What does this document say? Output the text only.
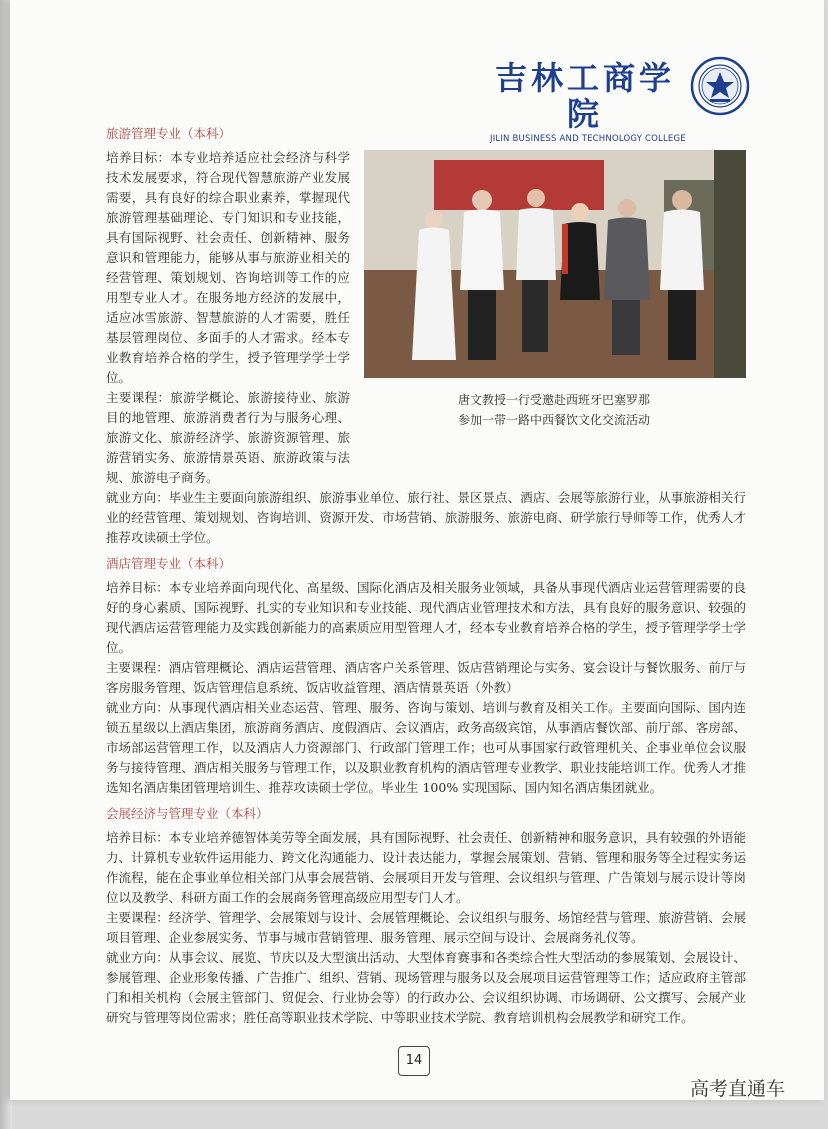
吉林工商学院
JILIN BUSINESS AND TECHNOLOGY COLLEGE
旅游管理专业（本科）
唐文教授一行受邀赴西班牙巴塞罗那
参加一带一路中西餐饮文化交流活动

培养目标：本专业培养适应社会经济与科学技术发展要求，符合现代智慧旅游产业发展需要，具有良好的综合职业素养，掌握现代旅游管理基础理论、专门知识和专业技能，具有国际视野、社会责任、创新精神、服务意识和管理能力，能够从事与旅游业相关的经营管理、策划规划、咨询培训等工作的应用型专业人才。在服务地方经济的发展中，适应冰雪旅游、智慧旅游的人才需要，胜任基层管理岗位、多面手的人才需求。经本专业教育培养合格的学生，授予管理学学士学位。

主要课程：旅游学概论、旅游接待业、旅游目的地管理、旅游消费者行为与服务心理、旅游文化、旅游经济学、旅游资源管理、旅游营销实务、旅游情景英语、旅游政策与法规、旅游电子商务。

就业方向：毕业生主要面向旅游组织、旅游事业单位、旅行社、景区景点、酒店、会展等旅游行业，从事旅游相关行业的经营管理、策划规划、咨询培训、资源开发、市场营销、旅游服务、旅游电商、研学旅行导师等工作，优秀人才推荐攻读硕士学位。

酒店管理专业（本科）

培养目标：本专业培养面向现代化、高星级、国际化酒店及相关服务业领域，具备从事现代酒店业运营管理需要的良好的身心素质、国际视野、扎实的专业知识和专业技能、现代酒店业管理技术和方法，具有良好的服务意识、较强的现代酒店运营管理能力及实践创新能力的高素质应用型管理人才，经本专业教育培养合格的学生，授予管理学学士学位。

主要课程：酒店管理概论、酒店运营管理、酒店客户关系管理、饭店营销理论与实务、宴会设计与餐饮服务、前厅与客房服务管理、饭店管理信息系统、饭店收益管理、酒店情景英语（外教）

就业方向：从事现代酒店相关业态运营、管理、服务、咨询与策划、培训与教育及相关工作。主要面向国际、国内连锁五星级以上酒店集团，旅游商务酒店、度假酒店、会议酒店，政务高级宾馆，从事酒店餐饮部、前厅部、客房部、市场部运营管理工作，以及酒店人力资源部门、行政部门管理工作；也可从事国家行政管理机关、企事业单位会议服务与接待管理、酒店相关服务与管理工作，以及职业教育机构的酒店管理专业教学、职业技能培训工作。优秀人才推选知名酒店集团管理培训生、推荐攻读硕士学位。毕业生 100% 实现国际、国内知名酒店集团就业。

会展经济与管理专业（本科）

培养目标：本专业培养德智体美劳等全面发展，具有国际视野、社会责任、创新精神和服务意识，具有较强的外语能力、计算机专业软件运用能力、跨文化沟通能力、设计表达能力，掌握会展策划、营销、管理和服务等全过程实务运作流程，能在企事业单位相关部门从事会展营销、会展项目开发与管理、会议组织与管理、广告策划与展示设计等岗位以及教学、科研方面工作的会展商务管理高级应用型专门人才。

主要课程：经济学、管理学、会展策划与设计、会展管理概论、会议组织与服务、场馆经营与管理、旅游营销、会展项目管理、企业参展实务、节事与城市营销管理、服务管理、展示空间与设计、会展商务礼仪等。

就业方向：从事会议、展览、节庆以及大型演出活动、大型体育赛事和各类综合性大型活动的参展策划、会展设计、参展管理、企业形象传播、广告推广、组织、营销、现场管理与服务以及会展项目运营管理等工作；适应政府主管部门和相关机构（会展主管部门、贸促会、行业协会等）的行政办公、会议组织协调、市场调研、公文撰写、会展产业研究与管理等岗位需求；胜任高等职业技术学院、中等职业技术学院、教育培训机构会展教学和研究工作。

14
高考直通车
